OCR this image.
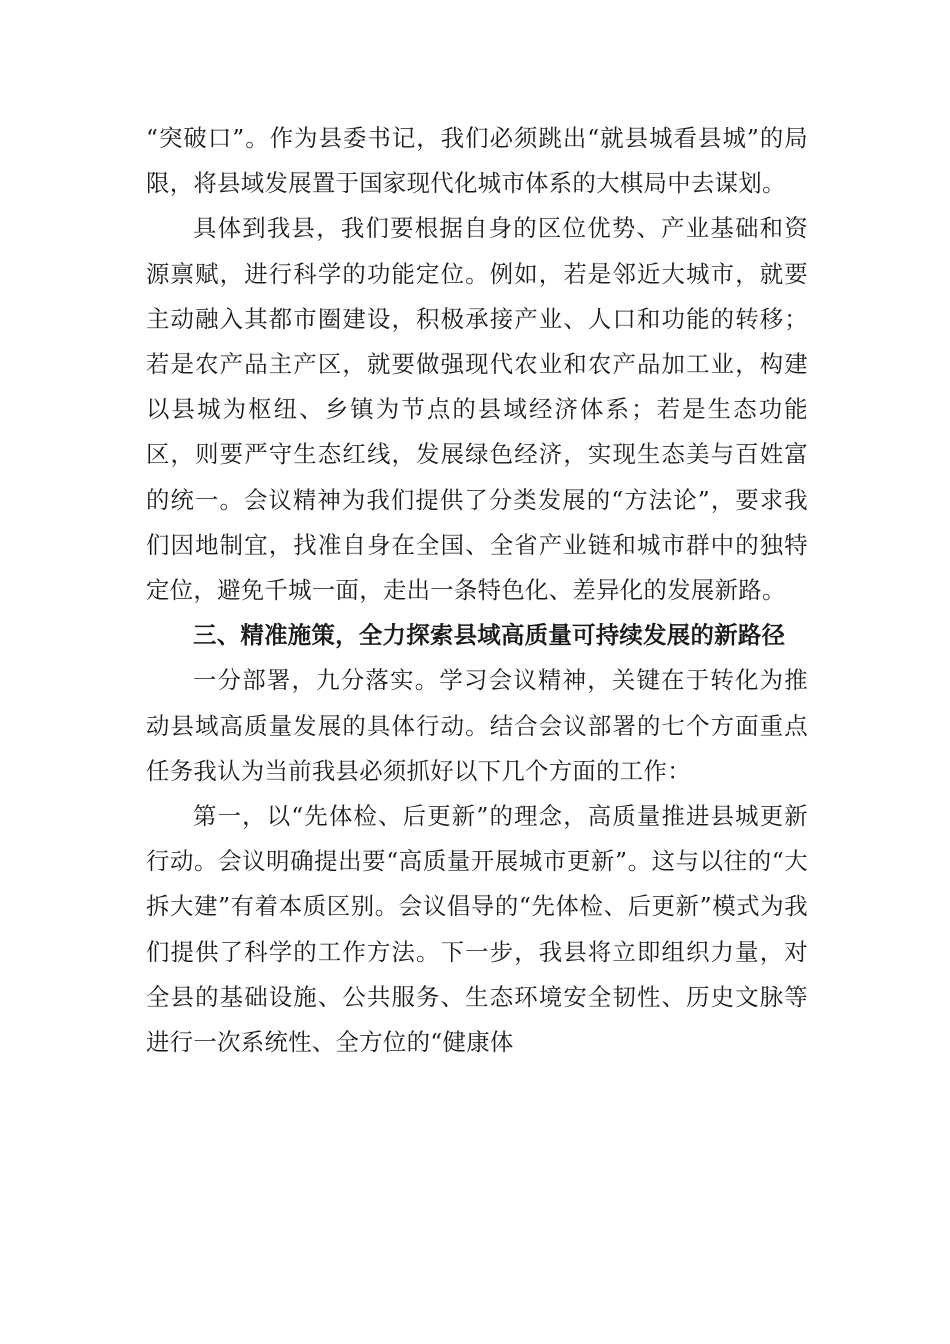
“突破口”。作为县委书记，我们必须跳出“就县城看县城”的局限，将县域发展置于国家现代化城市体系的大棋局中去谋划。

具体到我县，我们要根据自身的区位优势、产业基础和资源禀赋，进行科学的功能定位。例如，若是邻近大城市，就要主动融入其都市圈建设，积极承接产业、人口和功能的转移；若是农产品主产区，就要做强现代农业和农产品加工业，构建以县城为枢纽、乡镇为节点的县域经济体系；若是生态功能区，则要严守生态红线，发展绿色经济，实现生态美与百姓富的统一。会议精神为我们提供了分类发展的“方法论”，要求我们因地制宜，找准自身在全国、全省产业链和城市群中的独特定位，避免千城一面，走出一条特色化、差异化的发展新路。

三、精准施策，全力探索县域高质量可持续发展的新路径

一分部署，九分落实。学习会议精神，关键在于转化为推动县域高质量发展的具体行动。结合会议部署的七个方面重点任务我认为当前我县必须抓好以下几个方面的工作：

第一，以“先体检、后更新”的理念，高质量推进县城更新行动。会议明确提出要“高质量开展城市更新”。这与以往的“大拆大建”有着本质区别。会议倡导的“先体检、后更新”模式为我们提供了科学的工作方法。下一步，我县将立即组织力量，对全县的基础设施、公共服务、生态环境安全韧性、历史文脉等进行一次系统性、全方位的“健康体
